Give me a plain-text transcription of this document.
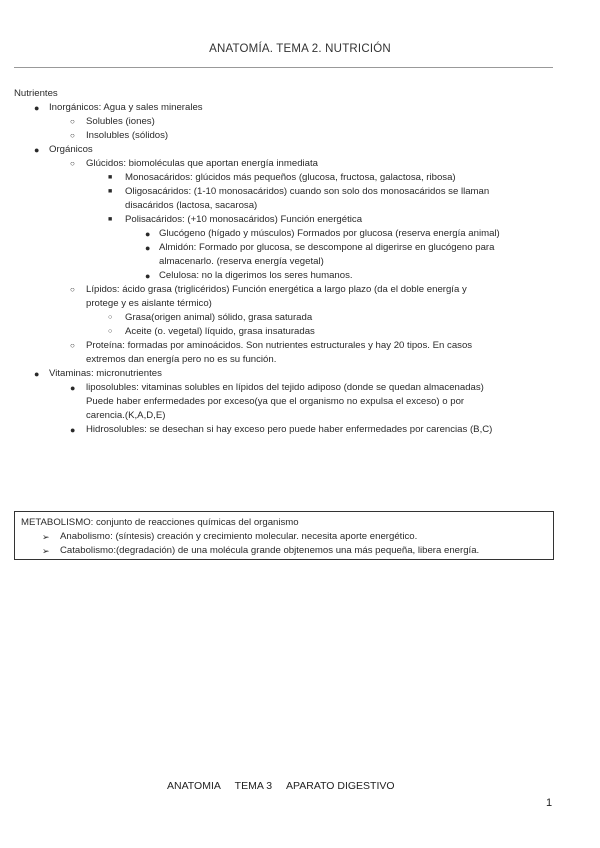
ANATOMÍA. TEMA 2. NUTRICIÓN
Nutrientes
● Inorgánicos: Agua y sales minerales
○ Solubles (iones)
○ Insolubles (sólidos)
● Orgánicos
○ Glúcidos: biomoléculas que aportan energía inmediata
■ Monosacáridos: glúcidos más pequeños (glucosa, fructosa, galactosa, ribosa)
■ Oligosacáridos: (1-10 monosacáridos) cuando son solo dos monosacáridos se llaman
disacáridos (lactosa, sacarosa)
■ Polisacáridos: (+10 monosacáridos) Función energética
● Glucógeno (hígado y músculos) Formados por glucosa (reserva energía animal)
● Almidón: Formado por glucosa, se descompone al digerirse en glucógeno para
almacenarlo. (reserva energía vegetal)
● Celulosa: no la digerimos los seres humanos.
○ Lípidos: ácido grasa (triglicéridos) Función energética a largo plazo (da el doble energía y
protege y es aislante térmico)
○ Grasa(origen animal) sólido, grasa saturada
○ Aceite (o. vegetal) líquido, grasa insaturadas
○ Proteína: formadas por aminoácidos. Son nutrientes estructurales y hay 20 tipos. En casos
extremos dan energía pero no es su función.
● Vitaminas: micronutrientes
● liposolubles: vitaminas solubles en lípidos del tejido adiposo (donde se quedan almacenadas)
Puede haber enfermedades por exceso(ya que el organismo no expulsa el exceso) o por
carencia.(K,A,D,E)
● Hidrosolubles: se desechan si hay exceso pero puede haber enfermedades por carencias (B,C)
METABOLISMO: conjunto de reacciones químicas del organismo
➢ Anabolismo: (síntesis) creación y crecimiento molecular. necesita aporte energético.
➢ Catabolismo:(degradación) de una molécula grande objtenemos una más pequeña, libera energía.
ANATOMIA     TEMA 3     APARATO DIGESTIVO
1
